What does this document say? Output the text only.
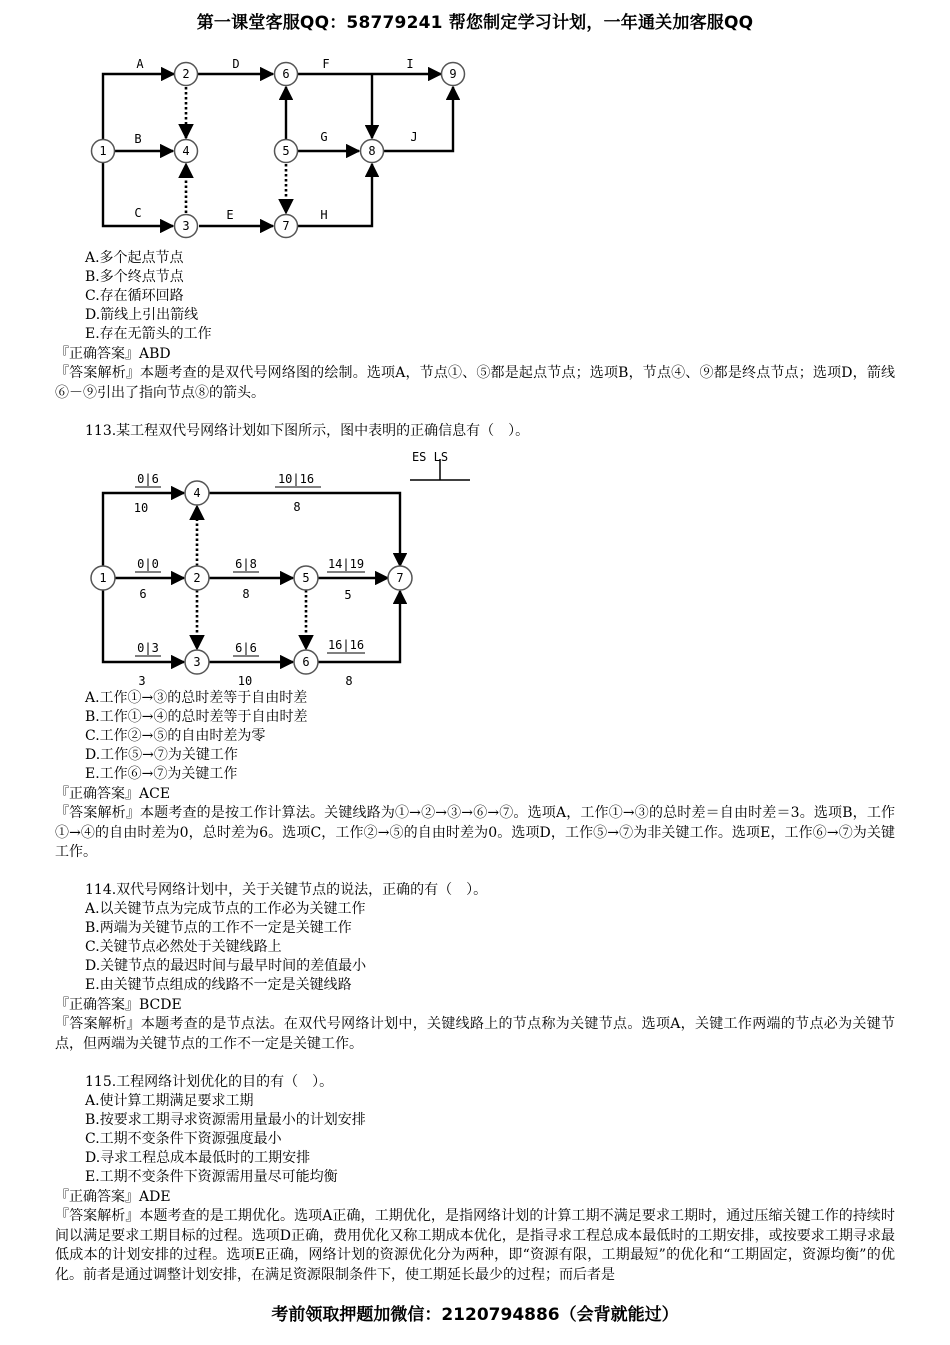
第一课堂客服QQ：58779241 帮您制定学习计划，一年通关加客服QQ
A	D	F	I
B	G	J
C	E	H
1
2
3
4	5
6
7
8
9
A.多个起点节点
B.多个终点节点
C.存在循环回路
D.箭线上引出箭线
E.存在无箭头的工作
『正确答案』ABD
『答案解析』本题考查的是双代号网络图的绘制。选项A，节点①、⑤都是起点节点；选项B，节点④、⑨都是终点节点；选项D，箭线⑥－⑨引出了指向节点⑧的箭头。
113.某工程双代号网络计划如下图所示，图中表明的正确信息有（　）。
ES LS
0|6
10
10|16
8
0|0
6
6|8
8
14|19
5
0|3
3
6|6
10
16|16
8
1	2
3
4
5
6
7
A.工作①→③的总时差等于自由时差
B.工作①→④的总时差等于自由时差
C.工作②→⑤的自由时差为零
D.工作⑤→⑦为关键工作
E.工作⑥→⑦为关键工作
『正确答案』ACE
『答案解析』本题考查的是按工作计算法。关键线路为①→②→③→⑥→⑦。选项A，工作①→③的总时差＝自由时差＝3。选项B，工作①→④的自由时差为0，总时差为6。选项C，工作②→⑤的自由时差为0。选项D，工作⑤→⑦为非关键工作。选项E，工作⑥→⑦为关键工作。
114.双代号网络计划中，关于关键节点的说法，正确的有（　）。
A.以关键节点为完成节点的工作必为关键工作
B.两端为关键节点的工作不一定是关键工作
C.关键节点必然处于关键线路上
D.关键节点的最迟时间与最早时间的差值最小
E.由关键节点组成的线路不一定是关键线路
『正确答案』BCDE
『答案解析』本题考查的是节点法。在双代号网络计划中，关键线路上的节点称为关键节点。选项A，关键工作两端的节点必为关键节点，但两端为关键节点的工作不一定是关键工作。
115.工程网络计划优化的目的有（　）。
A.使计算工期满足要求工期
B.按要求工期寻求资源需用量最小的计划安排
C.工期不变条件下资源强度最小
D.寻求工程总成本最低时的工期安排
E.工期不变条件下资源需用量尽可能均衡
『正确答案』ADE
『答案解析』本题考查的是工期优化。选项A正确，工期优化，是指网络计划的计算工期不满足要求工期时，通过压缩关键工作的持续时间以满足要求工期目标的过程。选项D正确，费用优化又称工期成本优化，是指寻求工程总成本最低时的工期安排，或按要求工期寻求最低成本的计划安排的过程。选项E正确，网络计划的资源优化分为两种，即“资源有限，工期最短”的优化和“工期固定，资源均衡”的优化。前者是通过调整计划安排，在满足资源限制条件下，使工期延长最少的过程；而后者是
考前领取押题加微信：2120794886（会背就能过）
